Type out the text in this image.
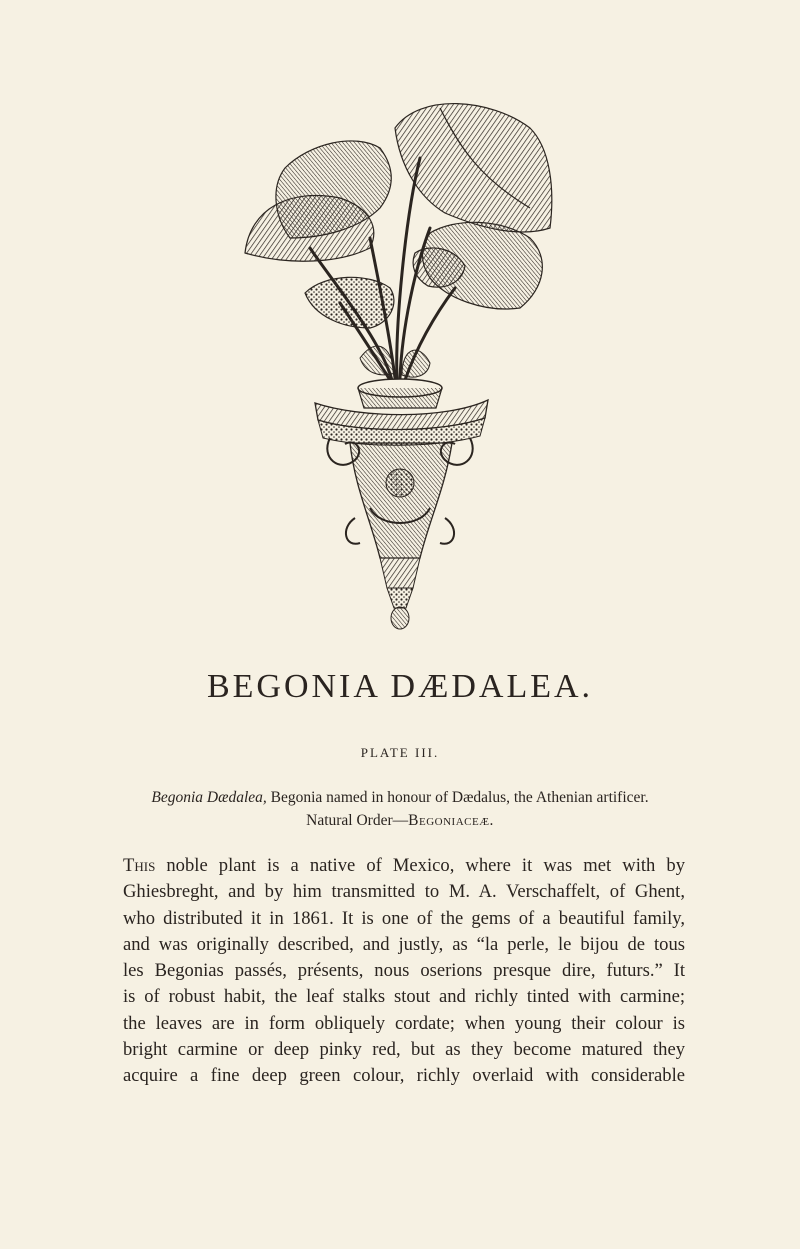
BEGONIA DÆDALEA.
PLATE III.
Begonia Dædalea, Begonia named in honour of Dædalus, the Athenian artificer.
Natural Order—Begoniaceæ.
This noble plant is a native of Mexico, where it was met with by
Ghiesbreght, and by him transmitted to M. A. Verschaffelt, of Ghent,
who distributed it in 1861. It is one of the gems of a beautiful family,
and was originally described, and justly, as “la perle, le bijou de tous
les Begonias passés, présents, nous oserions presque dire, futurs.” It
is of robust habit, the leaf stalks stout and richly tinted with carmine;
the leaves are in form obliquely cordate; when young their colour is
bright carmine or deep pinky red, but as they become matured they
acquire a fine deep green colour, richly overlaid with considerable
